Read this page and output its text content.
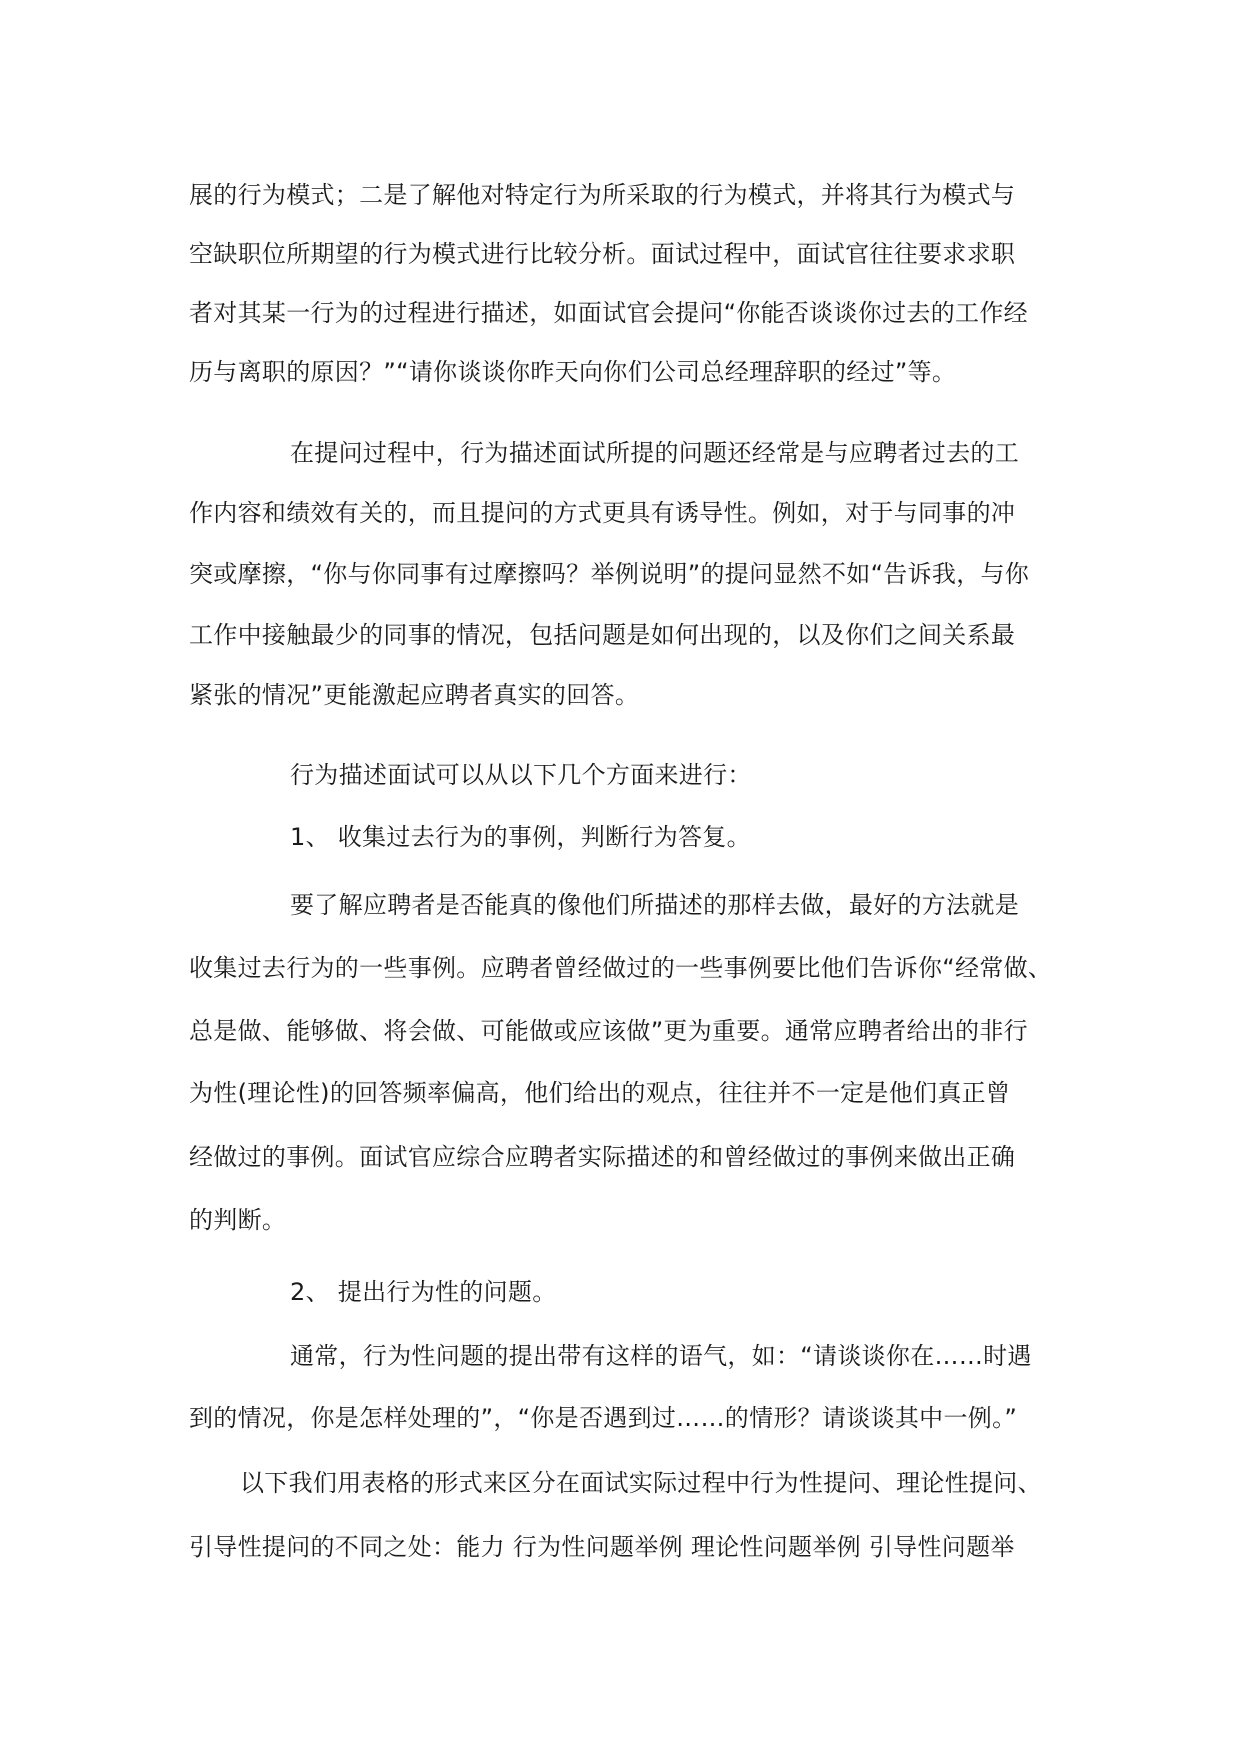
展的行为模式；二是了解他对特定行为所采取的行为模式，并将其行为模式与
空缺职位所期望的行为模式进行比较分析。面试过程中，面试官往往要求求职
者对其某一行为的过程进行描述，如面试官会提问“你能否谈谈你过去的工作经
历与离职的原因？”“请你谈谈你昨天向你们公司总经理辞职的经过”等。
在提问过程中，行为描述面试所提的问题还经常是与应聘者过去的工
作内容和绩效有关的，而且提问的方式更具有诱导性。例如，对于与同事的冲
突或摩擦，“你与你同事有过摩擦吗？举例说明”的提问显然不如“告诉我，与你
工作中接触最少的同事的情况，包括问题是如何出现的，以及你们之间关系最
紧张的情况”更能激起应聘者真实的回答。
行为描述面试可以从以下几个方面来进行：
1、 收集过去行为的事例，判断行为答复。
要了解应聘者是否能真的像他们所描述的那样去做，最好的方法就是
收集过去行为的一些事例。应聘者曾经做过的一些事例要比他们告诉你“经常做、
总是做、能够做、将会做、可能做或应该做”更为重要。通常应聘者给出的非行
为性(理论性)的回答频率偏高，他们给出的观点，往往并不一定是他们真正曾
经做过的事例。面试官应综合应聘者实际描述的和曾经做过的事例来做出正确
的判断。
2、 提出行为性的问题。
通常，行为性问题的提出带有这样的语气，如：“请谈谈你在……时遇
到的情况，你是怎样处理的”，“你是否遇到过……的情形？请谈谈其中一例。”
以下我们用表格的形式来区分在面试实际过程中行为性提问、理论性提问、
引导性提问的不同之处：能力 行为性问题举例 理论性问题举例 引导性问题举
